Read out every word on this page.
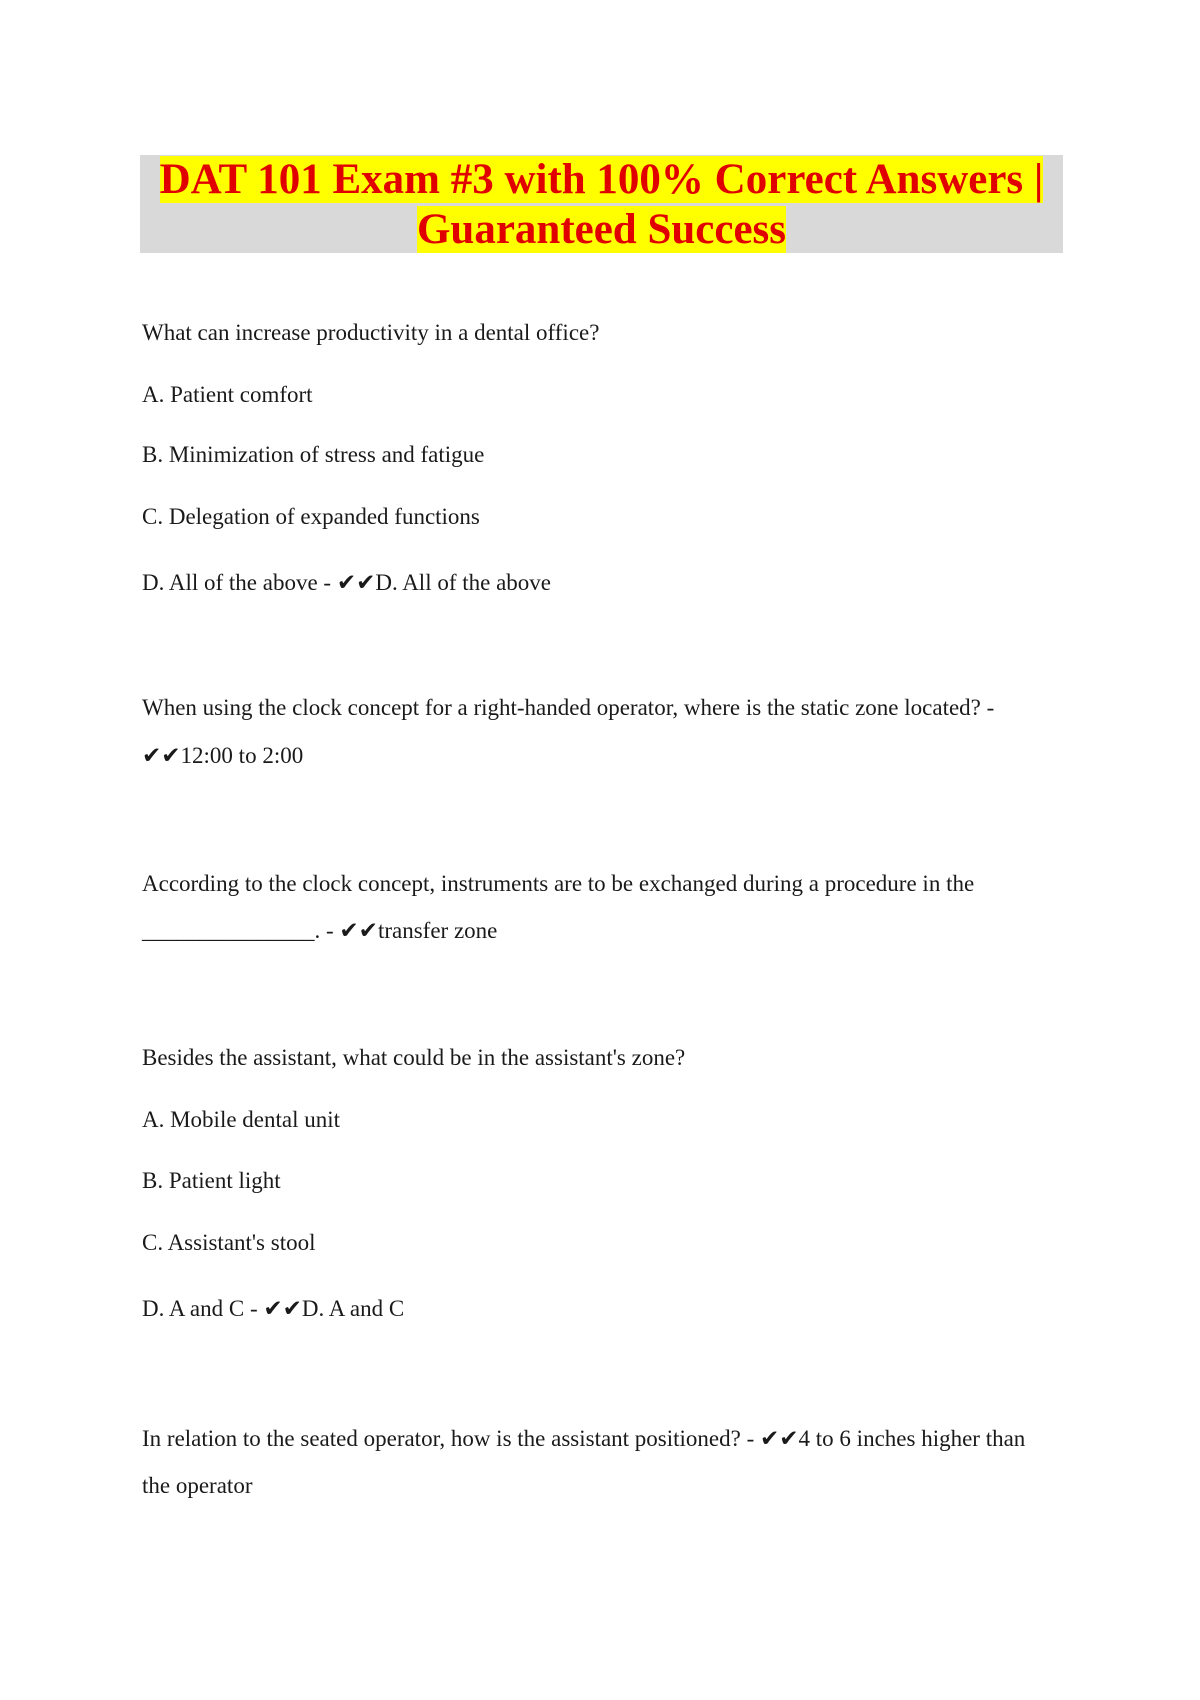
DAT 101 Exam #3 with 100% Correct Answers |
Guaranteed Success
What can increase productivity in a dental office?
A. Patient comfort
B. Minimization of stress and fatigue
C. Delegation of expanded functions
D. All of the above - ✔✔D. All of the above
When using the clock concept for a right-handed operator, where is the static zone located? -
✔✔12:00 to 2:00
According to the clock concept, instruments are to be exchanged during a procedure in the
_______________. - ✔✔transfer zone
Besides the assistant, what could be in the assistant's zone?
A. Mobile dental unit
B. Patient light
C. Assistant's stool
D. A and C - ✔✔D. A and C
In relation to the seated operator, how is the assistant positioned? - ✔✔4 to 6 inches higher than
the operator
